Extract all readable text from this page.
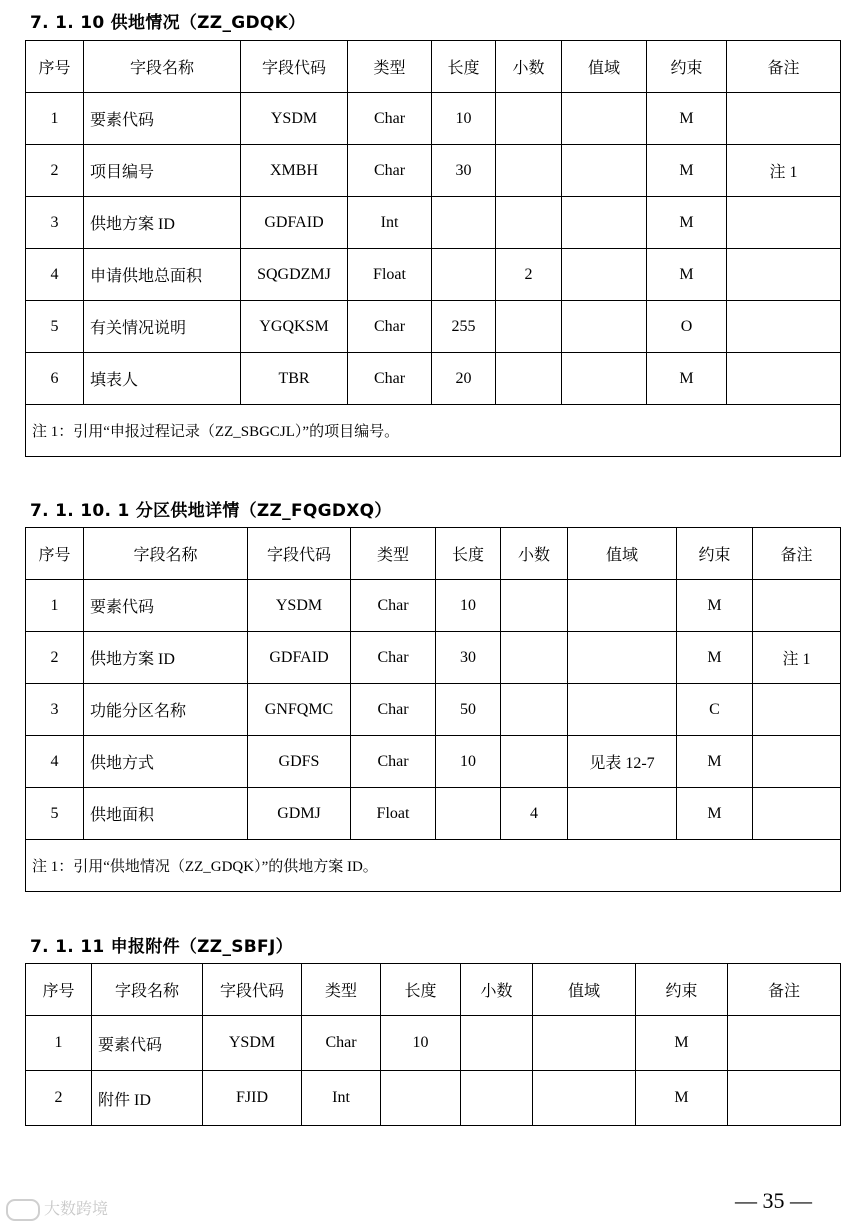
7. 1. 10 供地情况（ZZ_GDQK）
序号	字段名称	字段代码	类型	长度	小数	值域	约束	备注
1	要素代码	YSDM	Char	10			M	
2	项目编号	XMBH	Char	30			M	注 1
3	供地方案 ID	GDFAID	Int				M	
4	申请供地总面积	SQGDZMJ	Float		2		M	
5	有关情况说明	YGQKSM	Char	255			O	
6	填表人	TBR	Char	20			M	
注 1：引用“申报过程记录（ZZ_SBGCJL）”的项目编号。								
7. 1. 10. 1 分区供地详情（ZZ_FQGDXQ）
序号	字段名称	字段代码	类型	长度	小数	值域	约束	备注
1	要素代码	YSDM	Char	10			M	
2	供地方案 ID	GDFAID	Char	30			M	注 1
3	功能分区名称	GNFQMC	Char	50			C	
4	供地方式	GDFS	Char	10		见表 12-7	M	
5	供地面积	GDMJ	Float		4		M	
注 1：引用“供地情况（ZZ_GDQK）”的供地方案 ID。								
7. 1. 11 申报附件（ZZ_SBFJ）
序号	字段名称	字段代码	类型	长度	小数	值域	约束	备注
1	要素代码	YSDM	Char	10			M	
2	附件 ID	FJID	Int				M	
— 35 —
大数跨境
